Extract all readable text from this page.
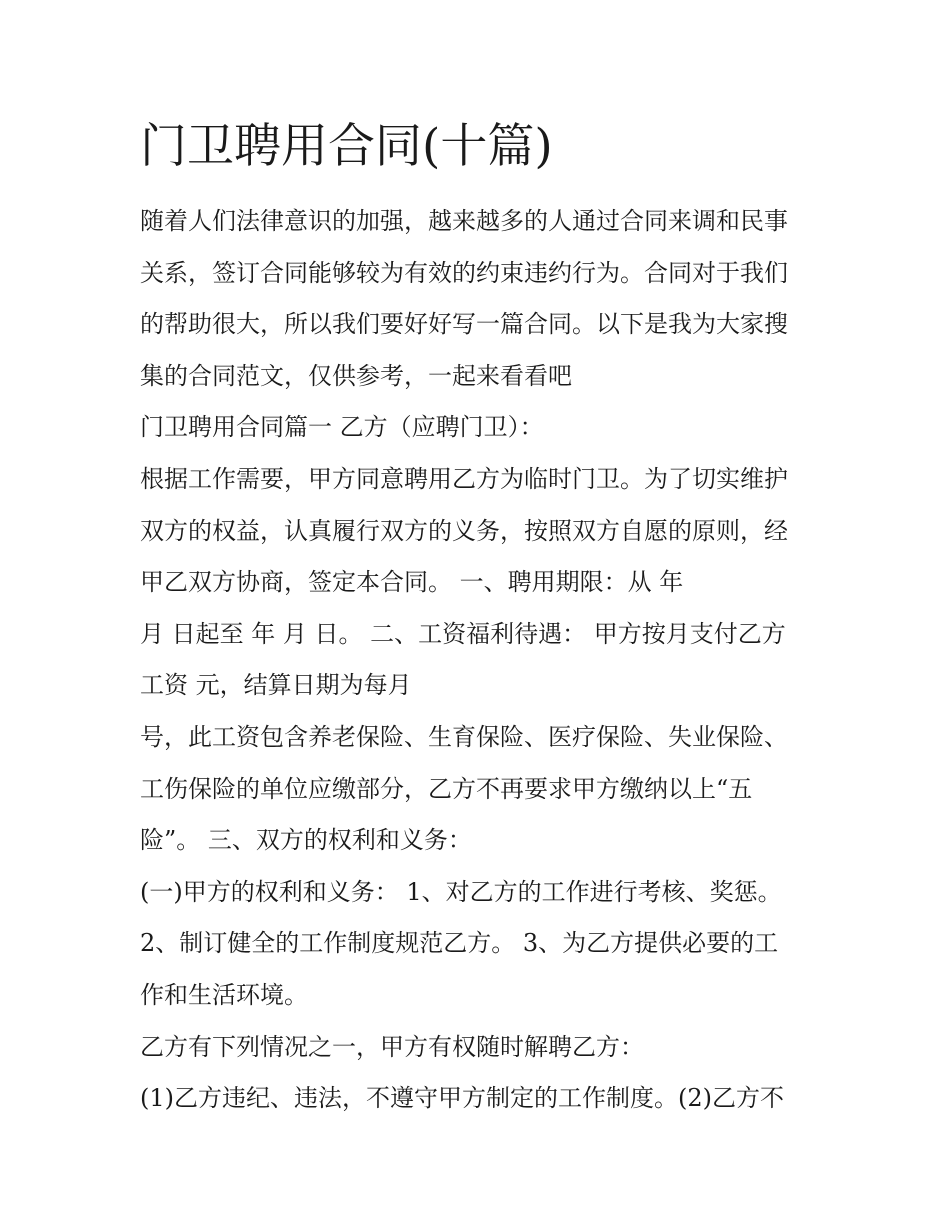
门卫聘用合同(十篇)
随着人们法律意识的加强，越来越多的人通过合同来调和民事
关系，签订合同能够较为有效的约束违约行为。合同对于我们
的帮助很大，所以我们要好好写一篇合同。以下是我为大家搜
集的合同范文，仅供参考，一起来看看吧
门卫聘用合同篇一 乙方（应聘门卫）：
根据工作需要，甲方同意聘用乙方为临时门卫。为了切实维护
双方的权益，认真履行双方的义务，按照双方自愿的原则，经
甲乙双方协商，签定本合同。 一、聘用期限：从 年
月 日起至 年 月 日。 二、工资福利待遇： 甲方按月支付乙方
工资 元，结算日期为每月
号，此工资包含养老保险、生育保险、医疗保险、失业保险、
工伤保险的单位应缴部分，乙方不再要求甲方缴纳以上“五
险”。 三、双方的权利和义务：
(一)甲方的权利和义务： 1、对乙方的工作进行考核、奖惩。
2、制订健全的工作制度规范乙方。 3、为乙方提供必要的工
作和生活环境。
乙方有下列情况之一，甲方有权随时解聘乙方：
(1)乙方违纪、违法，不遵守甲方制定的工作制度。(2)乙方不
